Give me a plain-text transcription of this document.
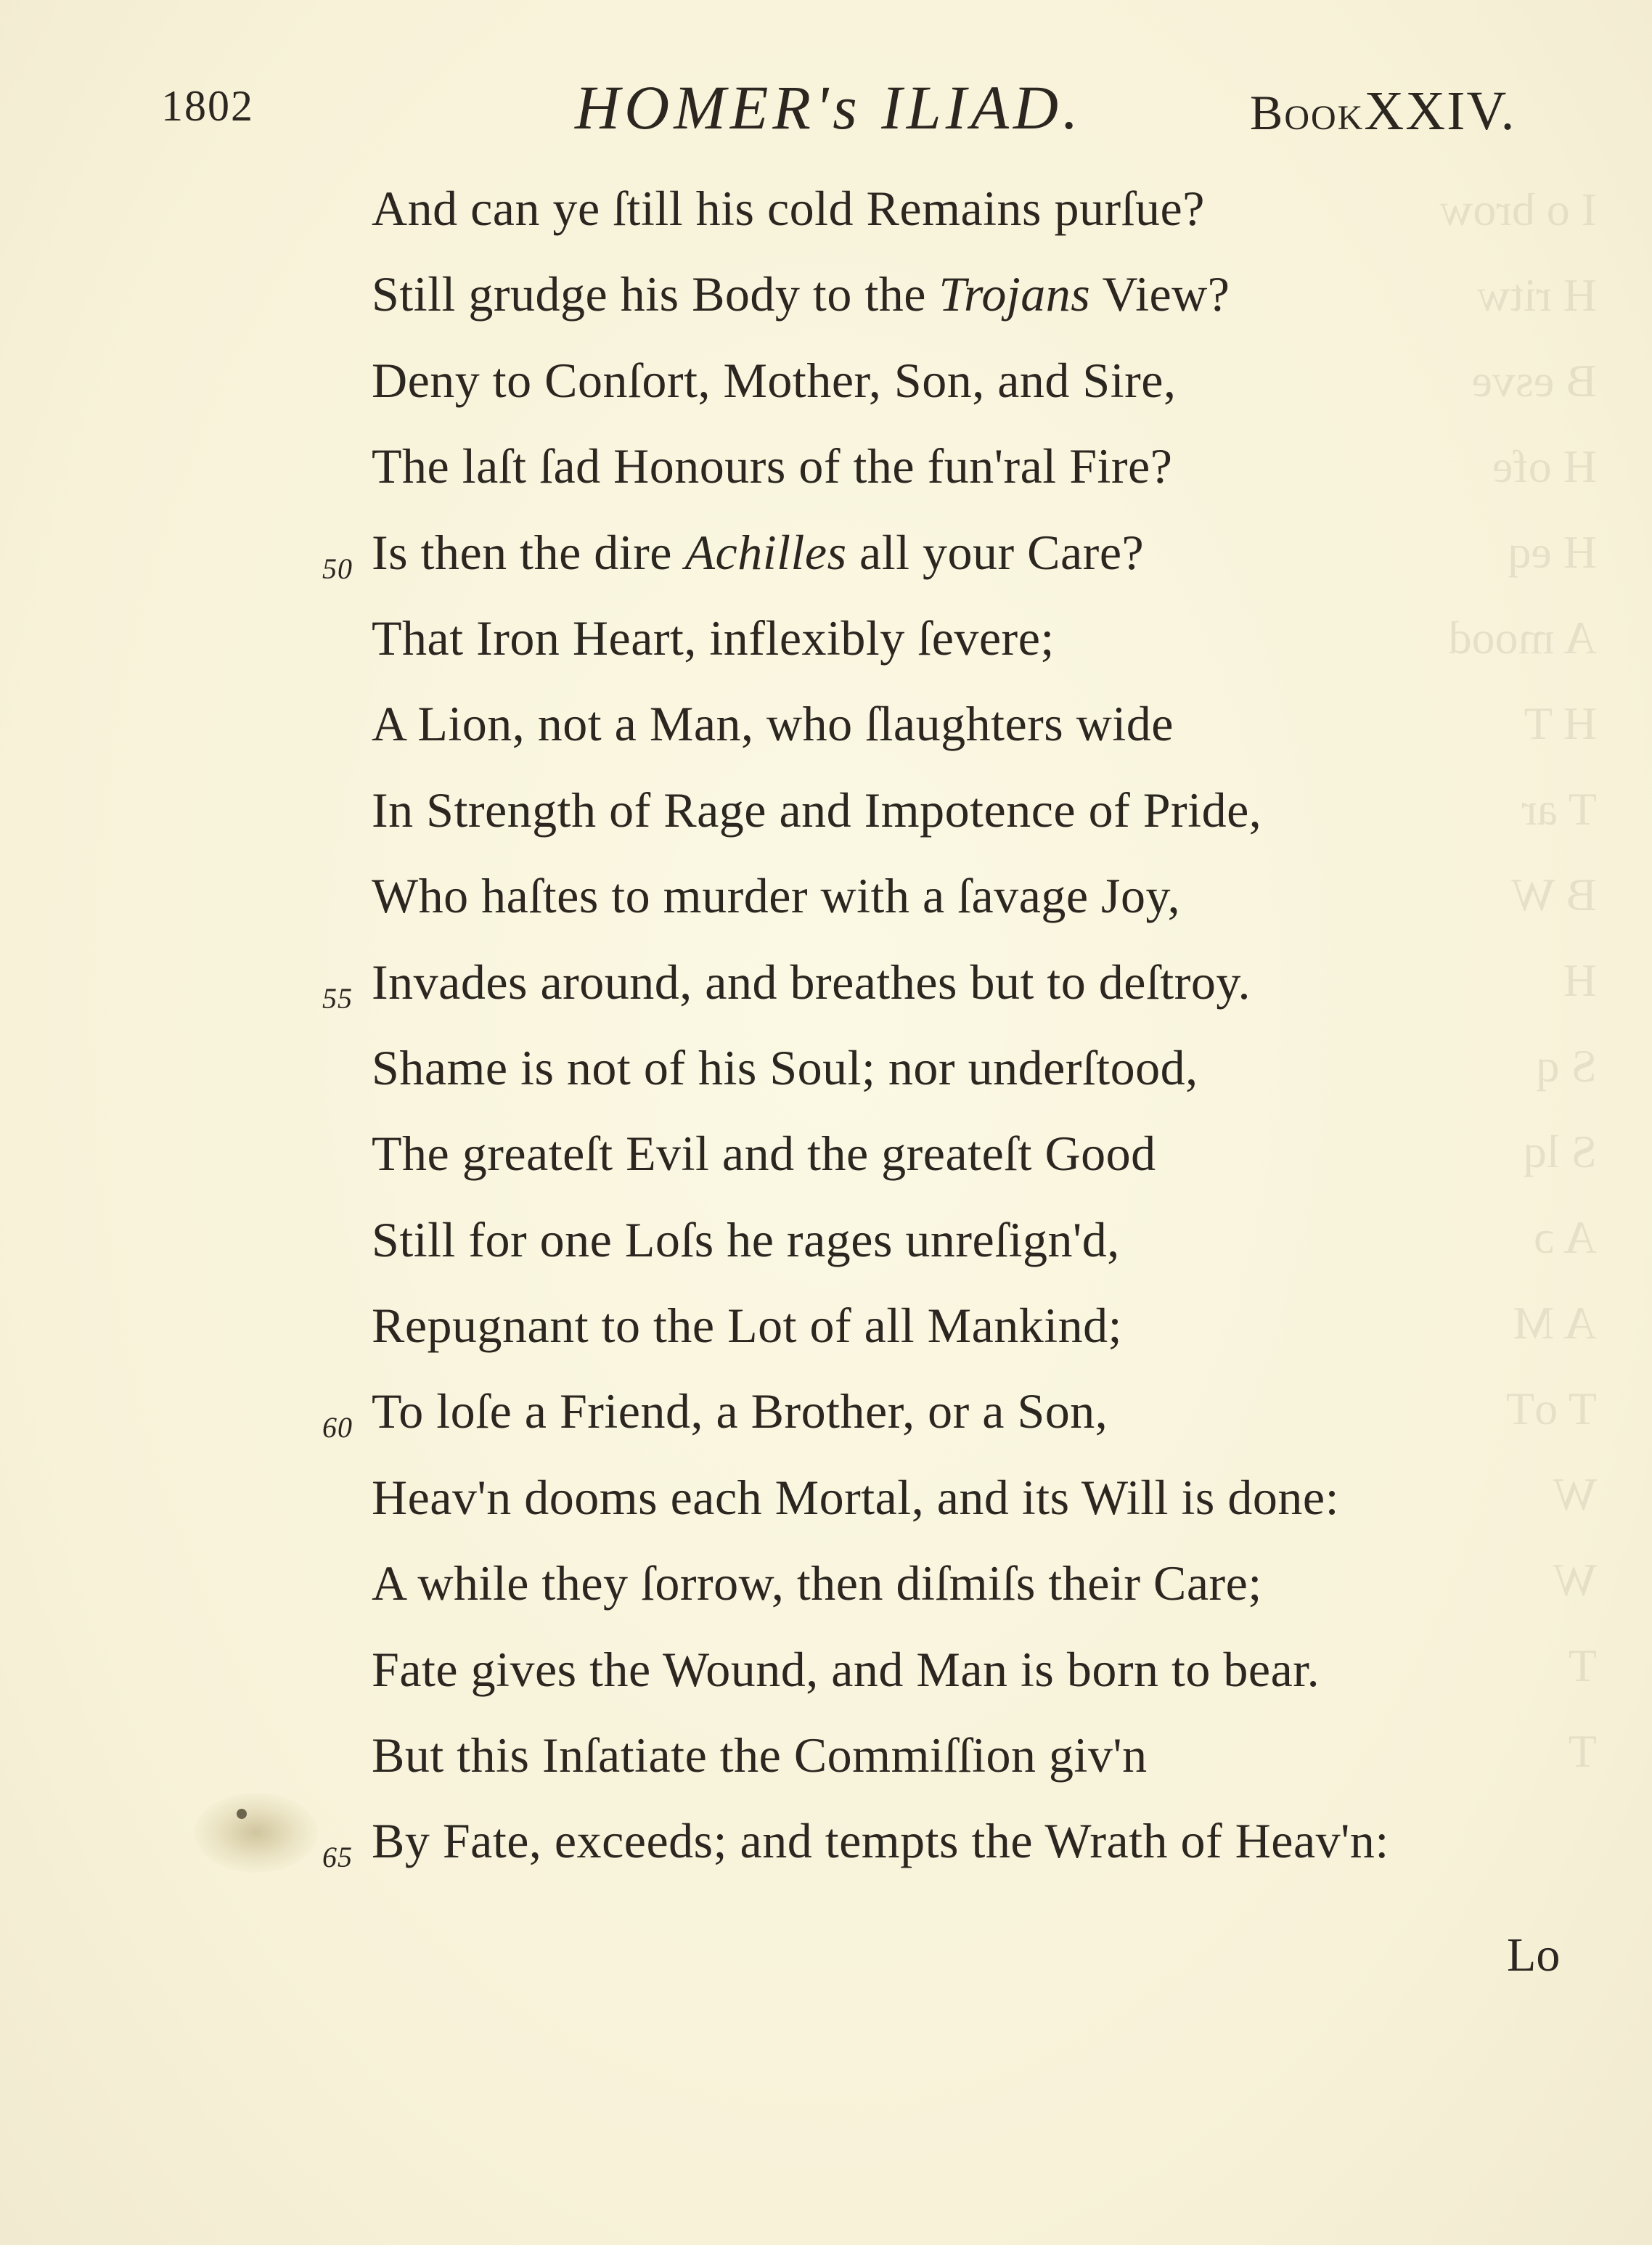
I o brow
H ritw
B esve
H ofe
H eq
A mood
H T
T ar
B W
H
S q
S lq
A ɔ
A M
T oT
W
W
T
T
1802	HOMER's ILIAD.	BookXXIV.
And can ye ſtill his cold Remains purſue?
Still grudge his Body to the Trojans View?
Deny to Conſort, Mother, Son, and Sire,
The laſt ſad Honours of the fun'ral Fire?
50 Is then the dire Achilles all your Care?
That Iron Heart, inflexibly ſevere;
A Lion, not a Man, who ſlaughters wide
In Strength of Rage and Impotence of Pride,
Who haſtes to murder with a ſavage Joy,
55 Invades around, and breathes but to deſtroy.
Shame is not of his Soul; nor underſtood,
The greateſt Evil and the greateſt Good
Still for one Loſs he rages unreſign'd,
Repugnant to the Lot of all Mankind;
60 To loſe a Friend, a Brother, or a Son,
Heav'n dooms each Mortal, and its Will is done:
A while they ſorrow, then diſmiſs their Care;
Fate gives the Wound, and Man is born to bear.
But this Inſatiate the Commiſſion giv'n
65 By Fate, exceeds; and tempts the Wrath of Heav'n:
Lo
